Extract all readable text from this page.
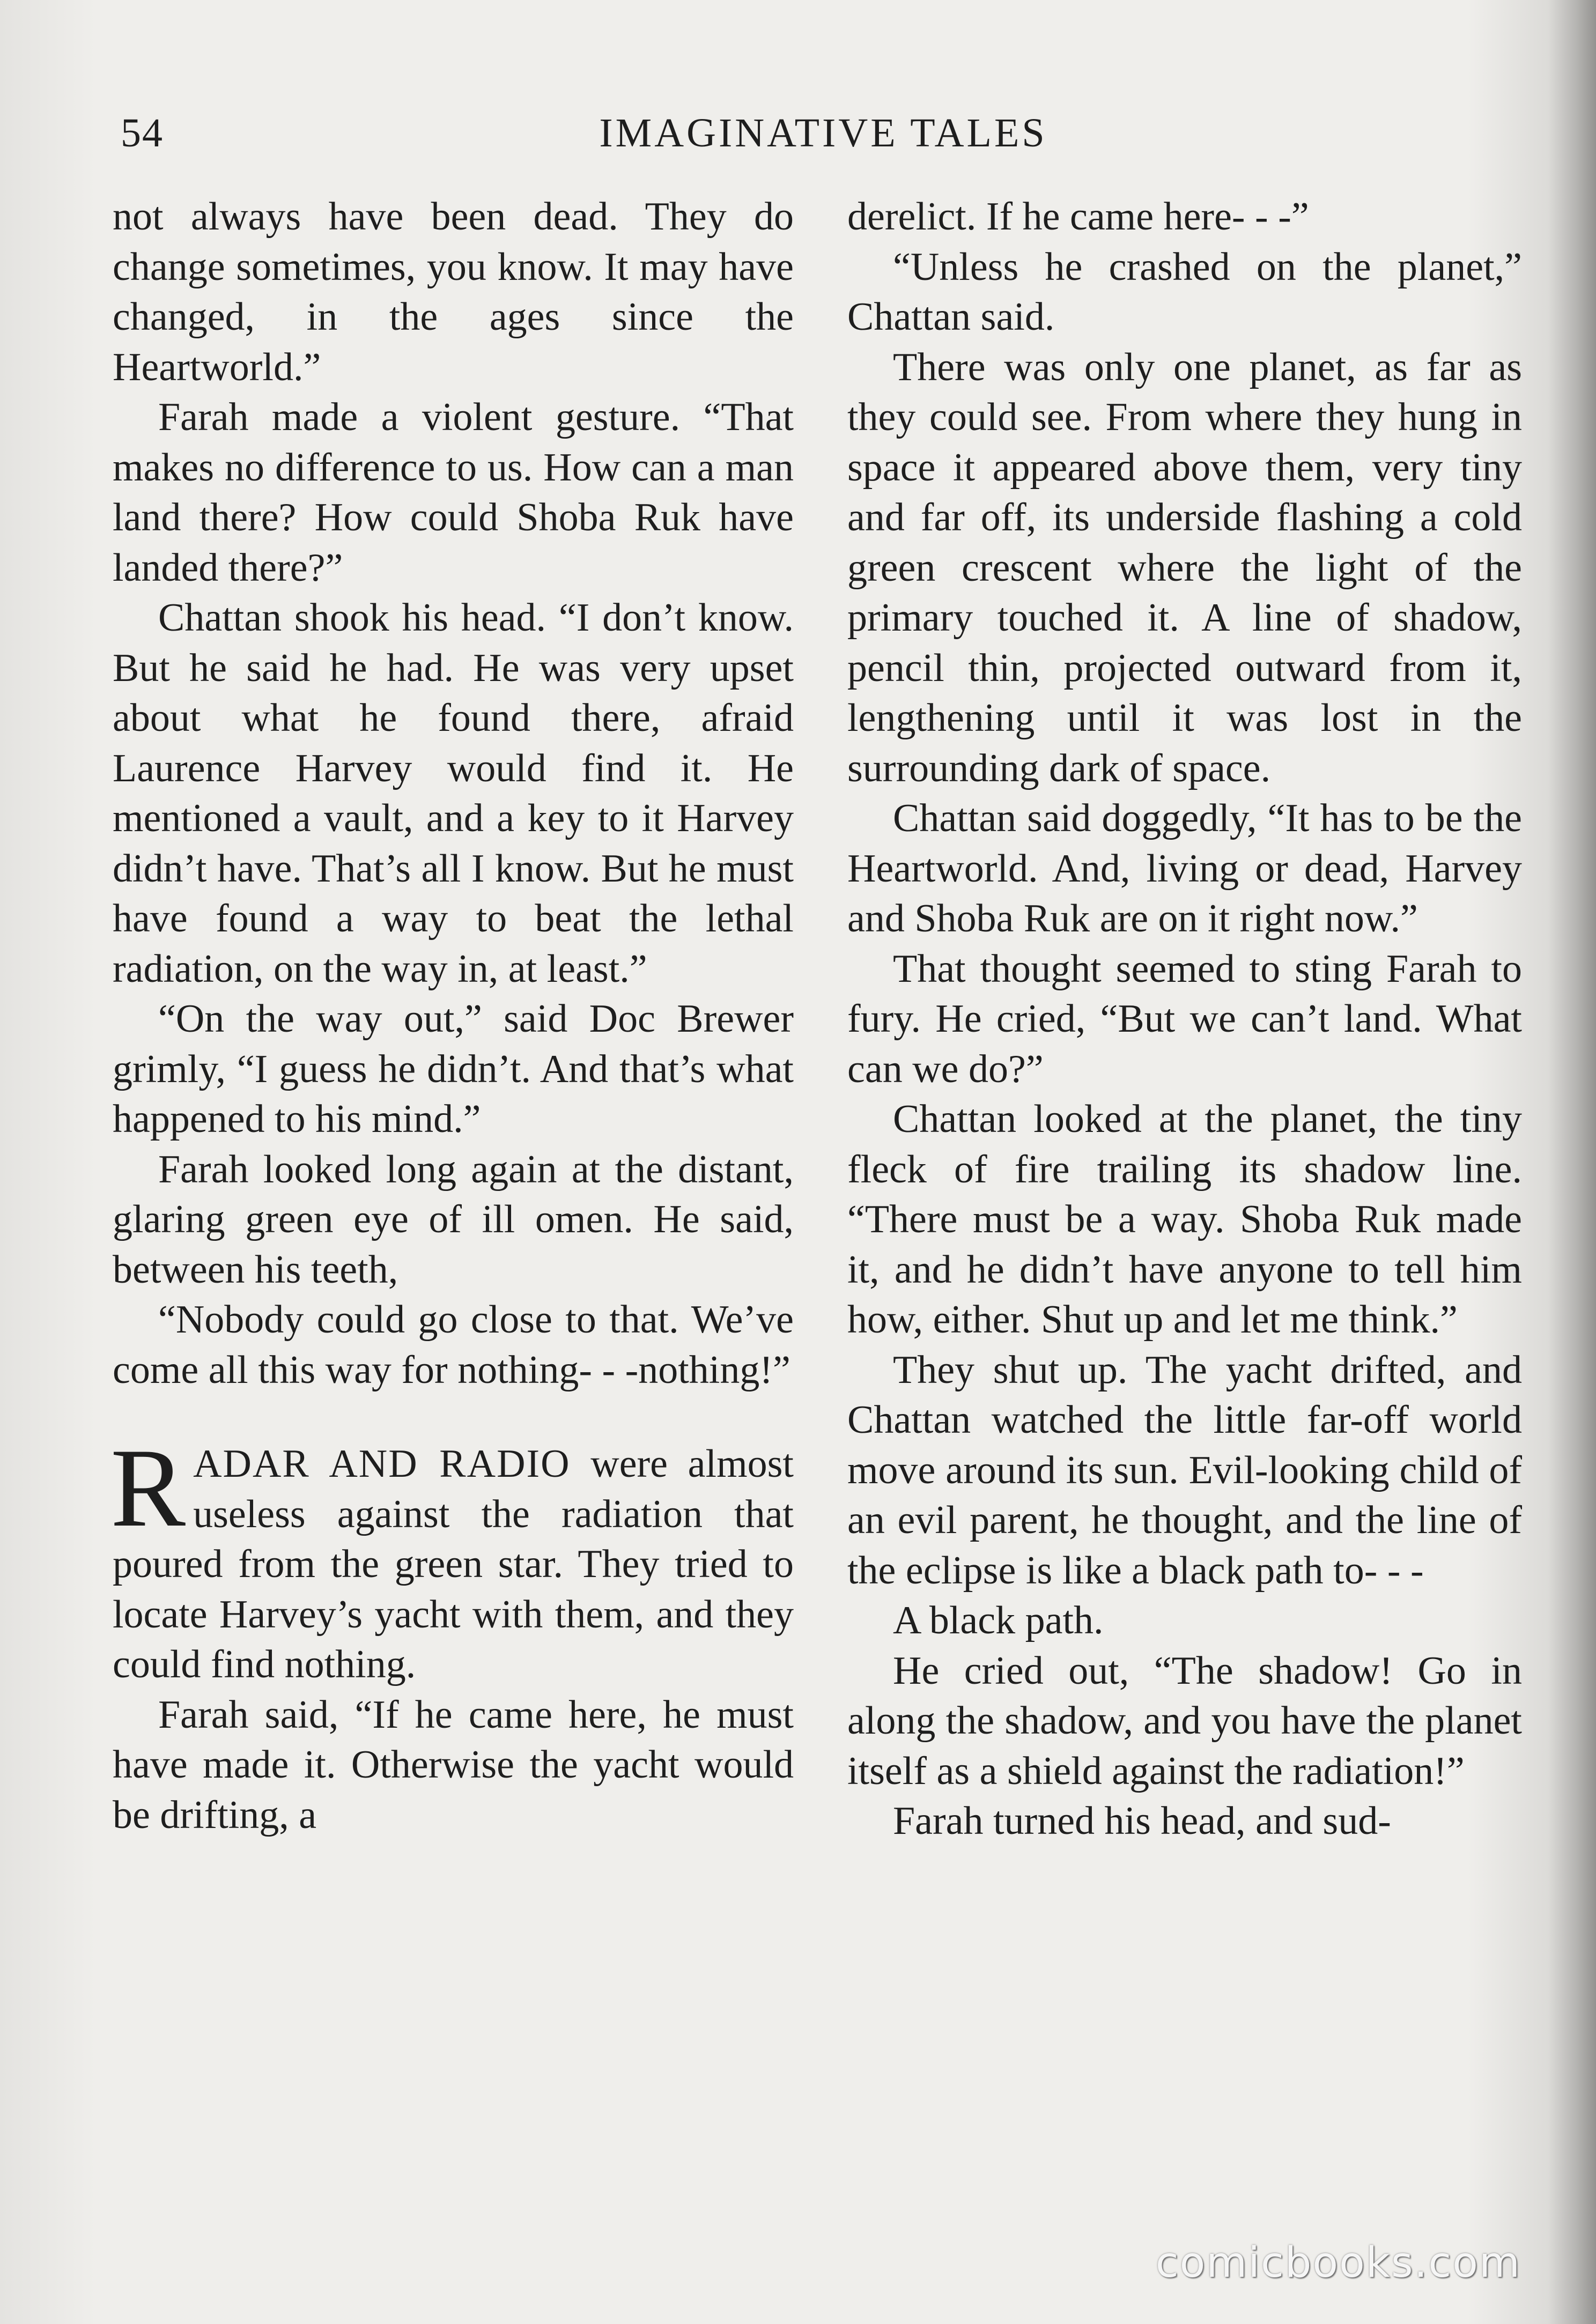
IMAGINATIVE TALES
54

not always have been dead. They do change sometimes, you know. It may have changed, in the ages since the Heartworld.”

Farah made a violent gesture. “That makes no difference to us. How can a man land there? How could Shoba Ruk have landed there?”

Chattan shook his head. “I don’t know. But he said he had. He was very upset about what he found there, afraid Laurence Harvey would find it. He mentioned a vault, and a key to it Harvey didn’t have. That’s all I know. But he must have found a way to beat the lethal radiation, on the way in, at least.”

“On the way out,” said Doc Brewer grimly, “I guess he didn’t. And that’s what happened to his mind.”

Farah looked long again at the distant, glaring green eye of ill omen. He said, between his teeth,

“Nobody could go close to that. We’ve come all this way for nothing- - -nothing!”

RADAR AND RADIO were almost useless against the radiation that poured from the green star. They tried to locate Harvey’s yacht with them, and they could find nothing.

Farah said, “If he came here, he must have made it. Otherwise the yacht would be drifting, a

derelict. If he came here- - -”

“Unless he crashed on the planet,” Chattan said.

There was only one planet, as far as they could see. From where they hung in space it appeared above them, very tiny and far off, its underside flashing a cold green crescent where the light of the primary touched it. A line of shadow, pencil thin, projected outward from it, lengthening until it was lost in the surrounding dark of space.

Chattan said doggedly, “It has to be the Heartworld. And, living or dead, Harvey and Shoba Ruk are on it right now.”

That thought seemed to sting Farah to fury. He cried, “But we can’t land. What can we do?”

Chattan looked at the planet, the tiny fleck of fire trailing its shadow line. “There must be a way. Shoba Ruk made it, and he didn’t have anyone to tell him how, either. Shut up and let me think.”

They shut up. The yacht drifted, and Chattan watched the little far-off world move around its sun. Evil-looking child of an evil parent, he thought, and the line of the eclipse is like a black path to- - -

A black path.

He cried out, “The shadow! Go in along the shadow, and you have the planet itself as a shield against the radiation!”

Farah turned his head, and sud-

comicbooks.com
